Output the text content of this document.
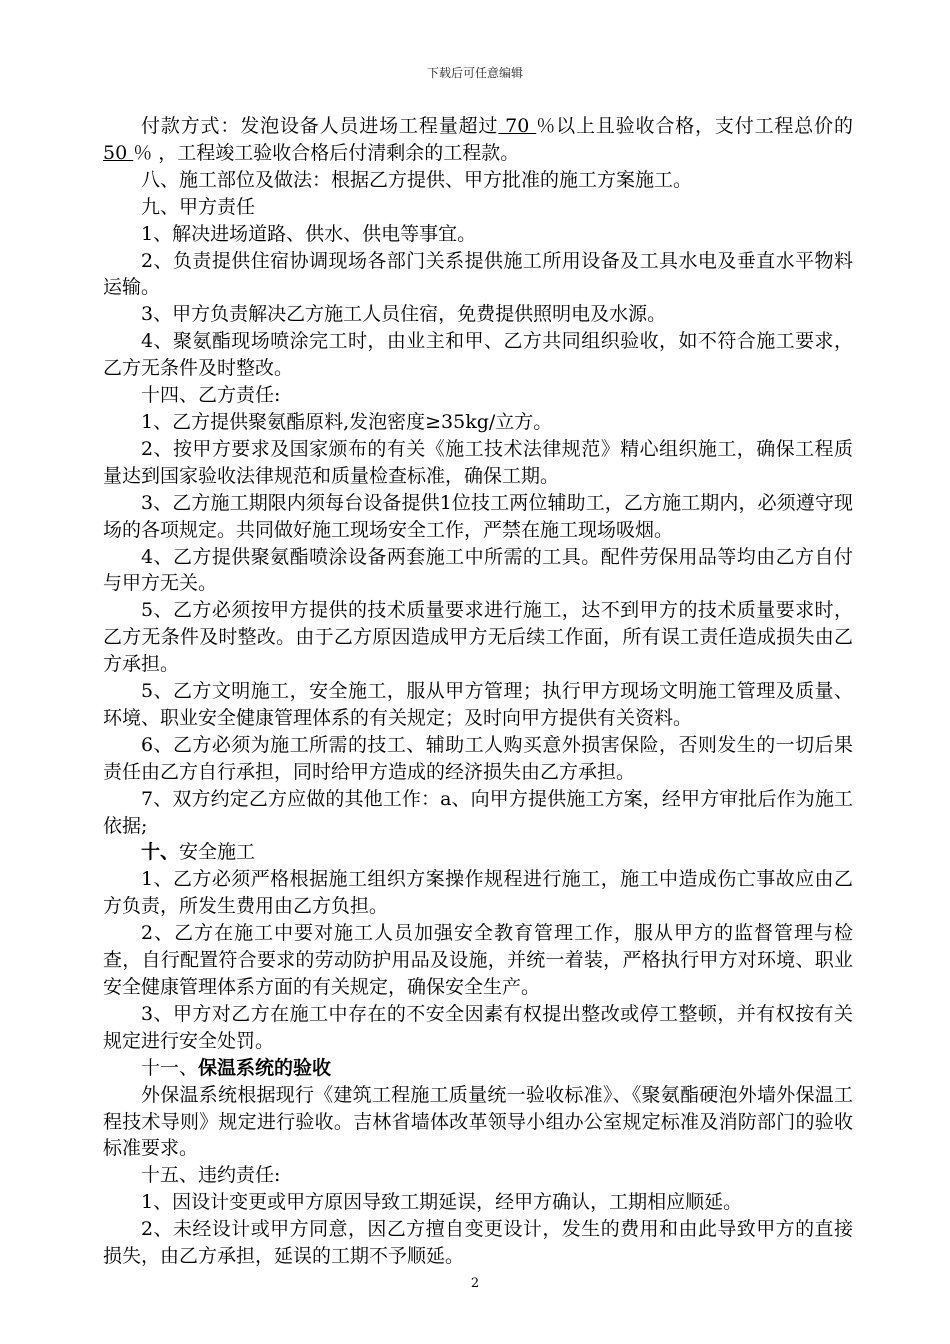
下载后可任意编辑

付款方式：发泡设备人员进场工程量超过 70 ％以上且验收合格，支付工程总价的 50 ％ ，工程竣工验收合格后付清剩余的工程款。

八、施工部位及做法：根据乙方提供、甲方批准的施工方案施工。

九、甲方责任

1、解决进场道路、供水、供电等事宜。

2、负责提供住宿协调现场各部门关系提供施工所用设备及工具水电及垂直水平物料运输。

3、甲方负责解决乙方施工人员住宿，免费提供照明电及水源。

4、聚氨酯现场喷涂完工时，由业主和甲、乙方共同组织验收，如不符合施工要求，乙方无条件及时整改。

十四、乙方责任:

1、乙方提供聚氨酯原料,发泡密度≥35kg/立方。

2、按甲方要求及国家颁布的有关《施工技术法律规范》精心组织施工，确保工程质量达到国家验收法律规范和质量检查标准，确保工期。

3、乙方施工期限内须每台设备提供1位技工两位辅助工，乙方施工期内，必须遵守现场的各项规定。共同做好施工现场安全工作，严禁在施工现场吸烟。

4、乙方提供聚氨酯喷涂设备两套施工中所需的工具。配件劳保用品等均由乙方自付与甲方无关。

5、乙方必须按甲方提供的技术质量要求进行施工，达不到甲方的技术质量要求时，乙方无条件及时整改。由于乙方原因造成甲方无后续工作面，所有误工责任造成损失由乙方承担。

5、乙方文明施工，安全施工，服从甲方管理；执行甲方现场文明施工管理及质量、环境、职业安全健康管理体系的有关规定；及时向甲方提供有关资料。

6、乙方必须为施工所需的技工、辅助工人购买意外损害保险，否则发生的一切后果责任由乙方自行承担，同时给甲方造成的经济损失由乙方承担。

7、双方约定乙方应做的其他工作：a、向甲方提供施工方案，经甲方审批后作为施工依据;

十、安全施工

1、乙方必须严格根据施工组织方案操作规程进行施工，施工中造成伤亡事故应由乙方负责，所发生费用由乙方负担。

2、乙方在施工中要对施工人员加强安全教育管理工作，服从甲方的监督管理与检查，自行配置符合要求的劳动防护用品及设施，并统一着装，严格执行甲方对环境、职业安全健康管理体系方面的有关规定，确保安全生产。

3、甲方对乙方在施工中存在的不安全因素有权提出整改或停工整顿，并有权按有关规定进行安全处罚。

十一、保温系统的验收

外保温系统根据现行《建筑工程施工质量统一验收标准》、《聚氨酯硬泡外墙外保温工程技术导则》规定进行验收。吉林省墙体改革领导小组办公室规定标准及消防部门的验收标准要求。

十五、违约责任:

1、因设计变更或甲方原因导致工期延误，经甲方确认，工期相应顺延。

2、未经设计或甲方同意，因乙方擅自变更设计，发生的费用和由此导致甲方的直接损失，由乙方承担，延误的工期不予顺延。

2
